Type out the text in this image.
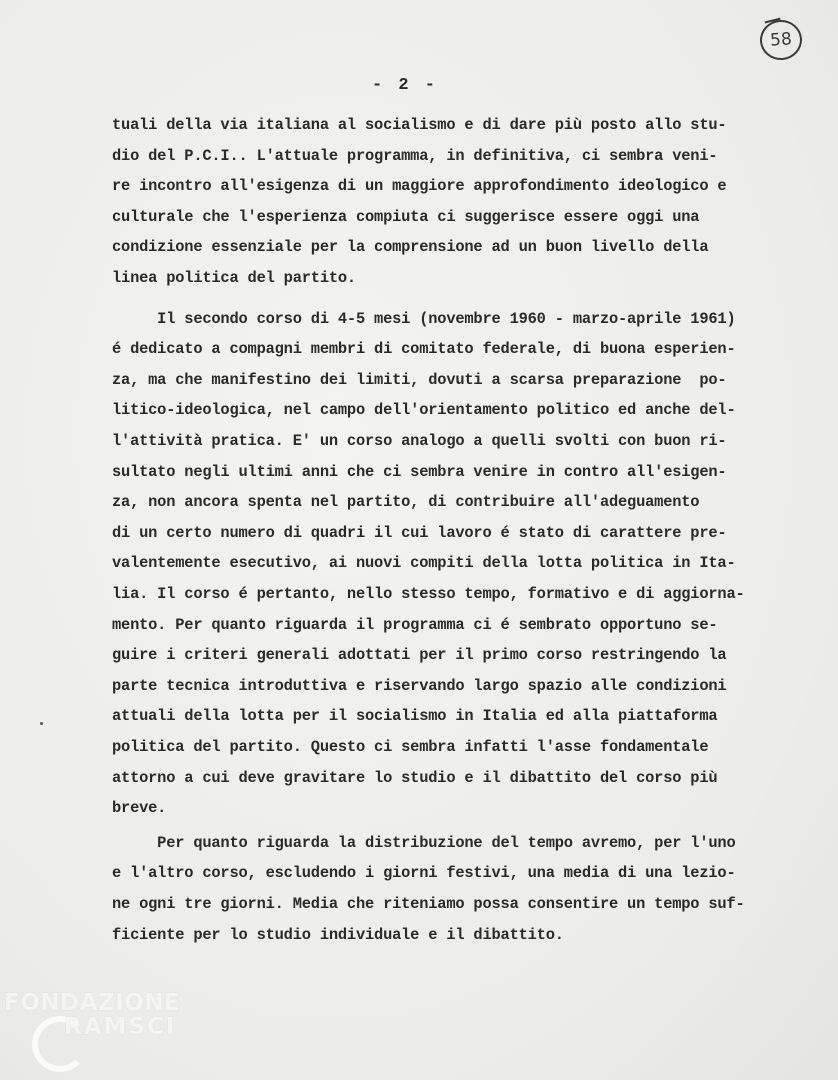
58
- 2 -
tuali della via italiana al socialismo e di dare più posto allo stu-
dio del P.C.I.. L'attuale programma, in definitiva, ci sembra veni-
re incontro all'esigenza di un maggiore approfondimento ideologico e
culturale che l'esperienza compiuta ci suggerisce essere oggi una
condizione essenziale per la comprensione ad un buon livello della
linea politica del partito.
Il secondo corso di 4-5 mesi (novembre 1960 - marzo-aprile 1961)
é dedicato a compagni membri di comitato federale, di buona esperien-
za, ma che manifestino dei limiti, dovuti a scarsa preparazione  po-
litico-ideologica, nel campo dell'orientamento politico ed anche del-
l'attività pratica. E' un corso analogo a quelli svolti con buon ri-
sultato negli ultimi anni che ci sembra venire in contro all'esigen-
za, non ancora spenta nel partito, di contribuire all'adeguamento
di un certo numero di quadri il cui lavoro é stato di carattere pre-
valentemente esecutivo, ai nuovi compiti della lotta politica in Ita-
lia. Il corso é pertanto, nello stesso tempo, formativo e di aggiorna-
mento. Per quanto riguarda il programma ci é sembrato opportuno se-
guire i criteri generali adottati per il primo corso restringendo la
parte tecnica introduttiva e riservando largo spazio alle condizioni
attuali della lotta per il socialismo in Italia ed alla piattaforma
politica del partito. Questo ci sembra infatti l'asse fondamentale
attorno a cui deve gravitare lo studio e il dibattito del corso più
breve.
Per quanto riguarda la distribuzione del tempo avremo, per l'uno
e l'altro corso, escludendo i giorni festivi, una media di una lezio-
ne ogni tre giorni. Media che riteniamo possa consentire un tempo suf-
ficiente per lo studio individuale e il dibattito.
FONDAZIONE
RAMSCI
